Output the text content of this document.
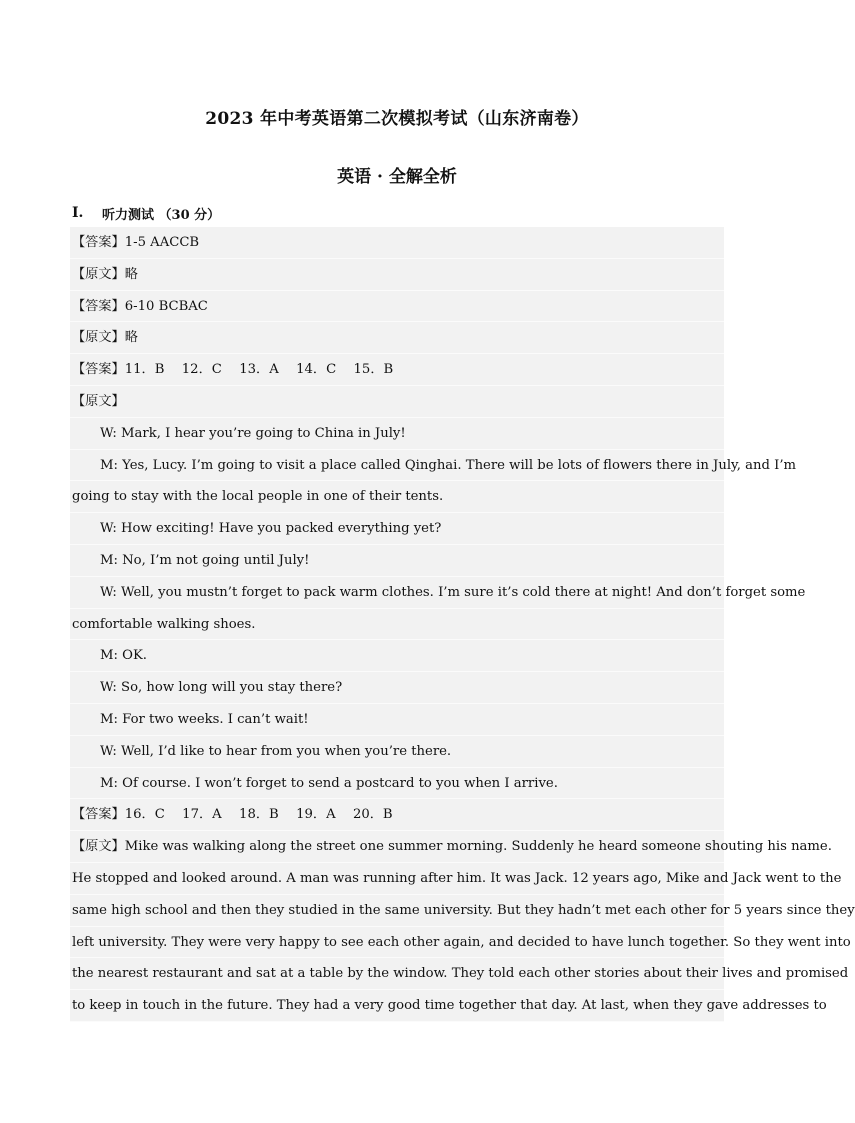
2023 年中考英语第二次模拟考试（山东济南卷）
英语 · 全解全析
I.	听力测试 （30 分）
【答案】1-5 AACCB
【原文】略
【答案】6-10 BCBAC
【原文】略
【答案】11．B　 12．C　 13．A　 14．C　 15．B
【原文】
W: Mark, I hear you’re going to China in July!
M: Yes, Lucy. I’m going to visit a place called Qinghai. There will be lots of flowers there in July, and I’m
going to stay with the local people in one of their tents.
W: How exciting! Have you packed everything yet?
M: No, I’m not going until July!
W: Well, you mustn’t forget to pack warm clothes. I’m sure it’s cold there at night! And don’t forget some
comfortable walking shoes.
M: OK.
W: So, how long will you stay there?
M: For two weeks. I can’t wait!
W: Well, I’d like to hear from you when you’re there.
M: Of course. I won’t forget to send a postcard to you when I arrive.
【答案】16．C　 17．A　 18．B　 19．A　 20．B
【原文】Mike was walking along the street one summer morning. Suddenly he heard someone shouting his name.
He stopped and looked around. A man was running after him. It was Jack. 12 years ago, Mike and Jack went to the
same high school and then they studied in the same university. But they hadn’t met each other for 5 years since they
left university. They were very happy to see each other again, and decided to have lunch together. So they went into
the nearest restaurant and sat at a table by the window. They told each other stories about their lives and promised
to keep in touch in the future. They had a very good time together that day. At last, when they gave addresses to
